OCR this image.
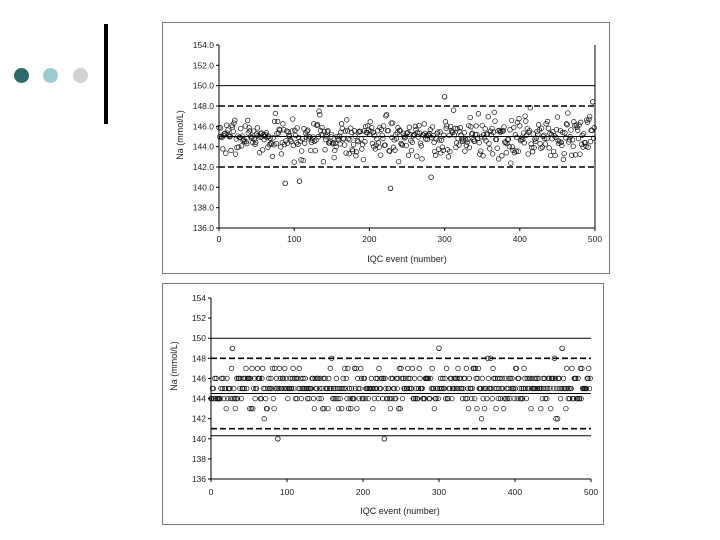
136.0
138.0
140.0
142.0
144.0
146.0
148.0
150.0
152.0
154.0
0	100	200	300	400	500
IQC event (number)
Na (mmol/L)
136
138
140
142
144
146
148
150
152
154
0	100	200	300	400	500
IQC event (number)
Na (mmol/L)
